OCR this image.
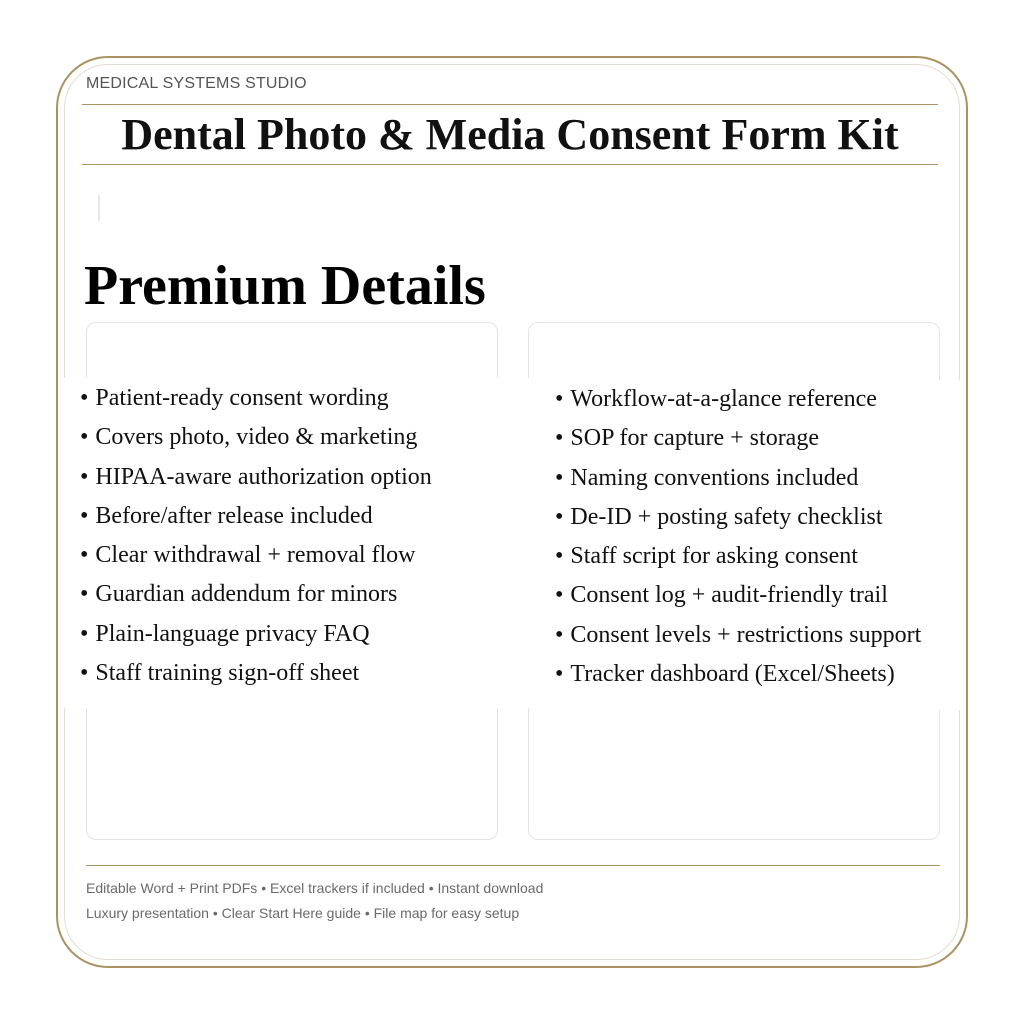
MEDICAL SYSTEMS STUDIO
Dental Photo & Media Consent Form Kit
Premium Details
• Patient-ready consent wording
• Covers photo, video & marketing
• HIPAA-aware authorization option
• Before/after release included
• Clear withdrawal + removal flow
• Guardian addendum for minors
• Plain-language privacy FAQ
• Staff training sign-off sheet
• Workflow-at-a-glance reference
• SOP for capture + storage
• Naming conventions included
• De-ID + posting safety checklist
• Staff script for asking consent
• Consent log + audit-friendly trail
• Consent levels + restrictions support
• Tracker dashboard (Excel/Sheets)
Editable Word + Print PDFs • Excel trackers if included • Instant download
Luxury presentation • Clear Start Here guide • File map for easy setup
